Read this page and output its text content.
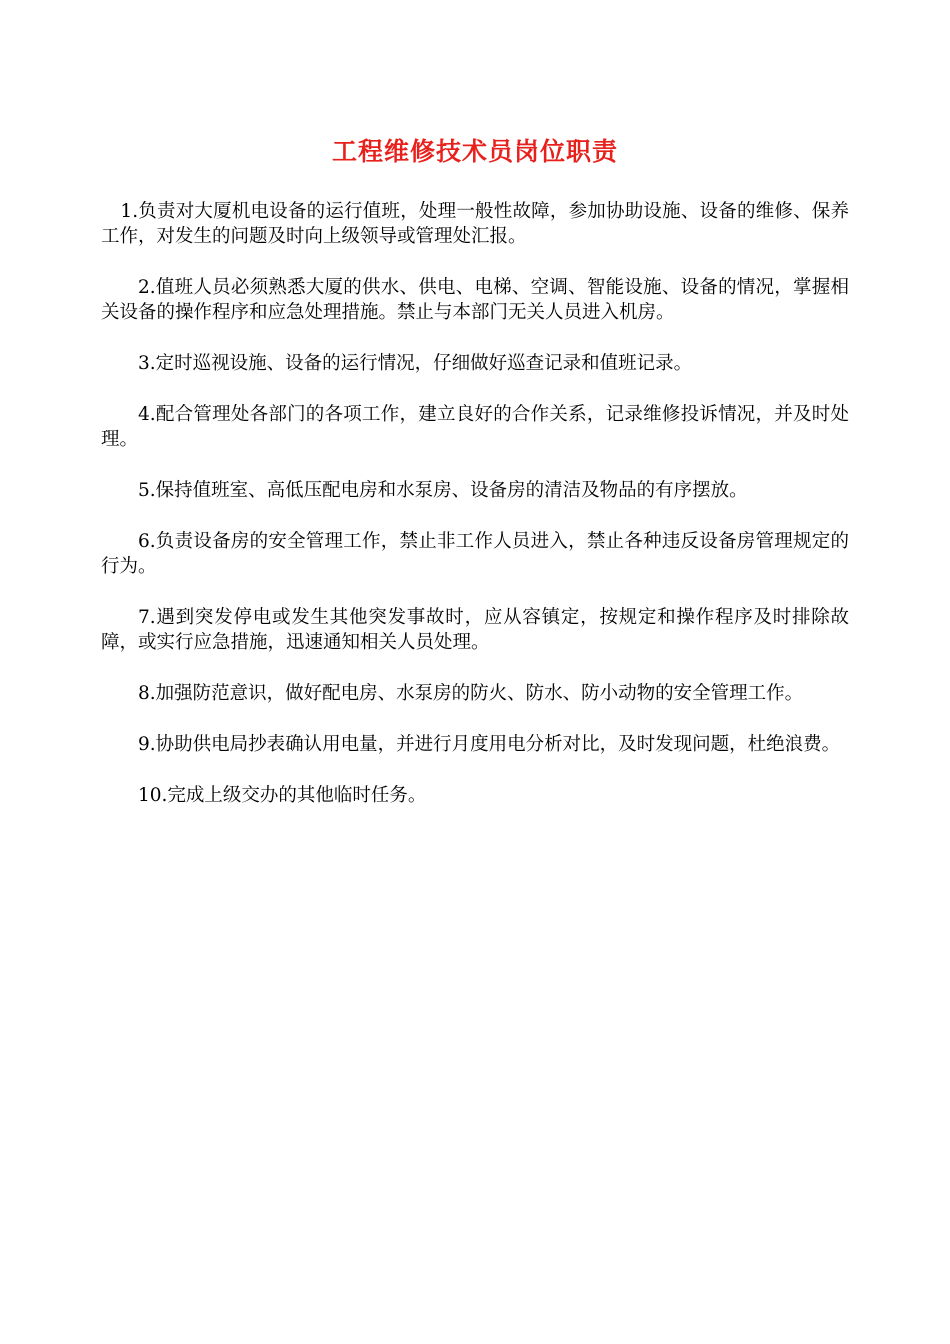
工程维修技术员岗位职责

1.负责对大厦机电设备的运行值班，处理一般性故障，参加协助设施、设备的维修、保养工作，对发生的问题及时向上级领导或管理处汇报。

2.值班人员必须熟悉大厦的供水、供电、电梯、空调、智能设施、设备的情况，掌握相关设备的操作程序和应急处理措施。禁止与本部门无关人员进入机房。

3.定时巡视设施、设备的运行情况，仔细做好巡查记录和值班记录。

4.配合管理处各部门的各项工作，建立良好的合作关系，记录维修投诉情况，并及时处理。

5.保持值班室、高低压配电房和水泵房、设备房的清洁及物品的有序摆放。

6.负责设备房的安全管理工作，禁止非工作人员进入，禁止各种违反设备房管理规定的行为。

7.遇到突发停电或发生其他突发事故时，应从容镇定，按规定和操作程序及时排除故障，或实行应急措施，迅速通知相关人员处理。

8.加强防范意识，做好配电房、水泵房的防火、防水、防小动物的安全管理工作。

9.协助供电局抄表确认用电量，并进行月度用电分析对比，及时发现问题，杜绝浪费。

10.完成上级交办的其他临时任务。
